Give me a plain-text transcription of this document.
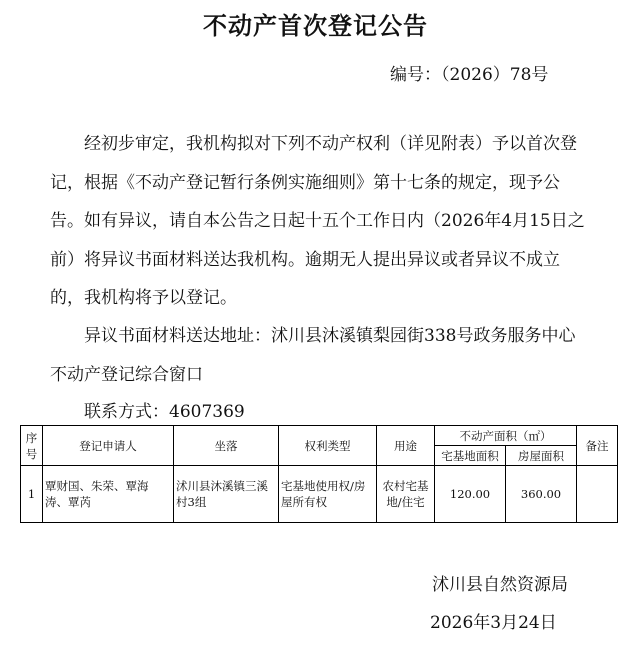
不动产首次登记公告
编号：（2026）78号
经初步审定，我机构拟对下列不动产权利（详见附表）予以首次登记，根据《不动产登记暂行条例实施细则》第十七条的规定，现予公告。如有异议，请自本公告之日起十五个工作日内（2026年4月15日之前）将异议书面材料送达我机构。逾期无人提出异议或者异议不成立的，我机构将予以登记。
异议书面材料送达地址：沭川县沐溪镇梨园街338号政务服务中心不动产登记综合窗口
联系方式：4607369
序号	登记申请人	坐落	权利类型	用途	不动产面积（㎡）		备注
					宅基地面积	房屋面积	
1	覃财国、朱荣、覃海涛、覃芮	沭川县沐溪镇三溪村3组	宅基地使用权/房屋所有权	农村宅基地/住宅	120.00	360.00	
沭川县自然资源局
2026年3月24日
